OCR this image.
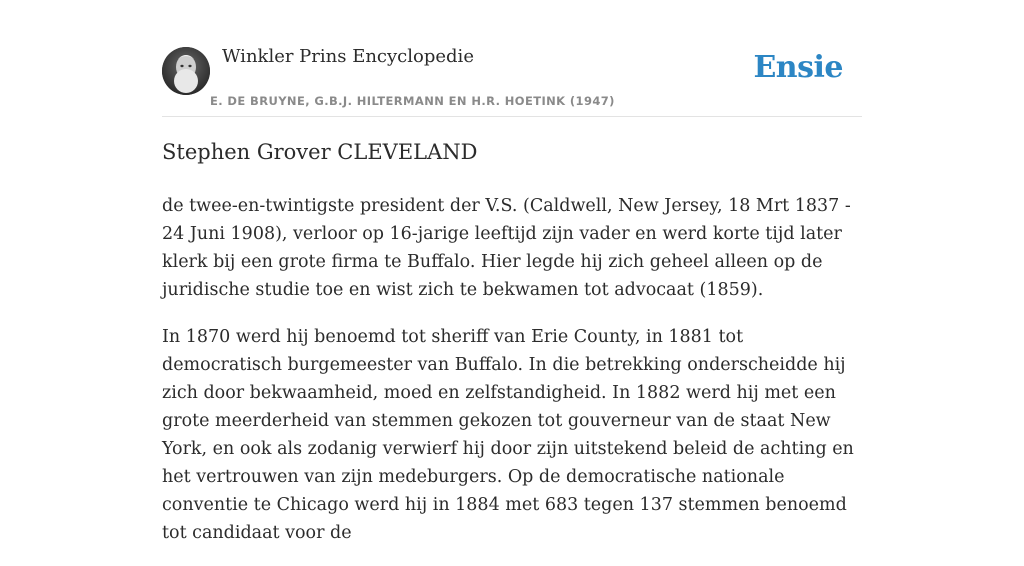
Winkler Prins Encyclopedie
E. DE BRUYNE, G.B.J. HILTERMANN EN H.R. HOETINK (1947)
Ensie
Stephen Grover CLEVELAND

de twee-en-twintigste president der V.S. (Caldwell, New Jersey, 18 Mrt 1837 - 24 Juni 1908), verloor op 16-jarige leeftijd zijn vader en werd korte tijd later klerk bij een grote firma te Buffalo. Hier legde hij zich geheel alleen op de juridische studie toe en wist zich te bekwamen tot advocaat (1859).

In 1870 werd hij benoemd tot sheriff van Erie County, in 1881 tot democratisch burgemeester van Buffalo. In die betrekking onderscheidde hij zich door bekwaamheid, moed en zelfstandigheid. In 1882 werd hij met een grote meerderheid van stemmen gekozen tot gouverneur van de staat New York, en ook als zodanig verwierf hij door zijn uitstekend beleid de achting en het vertrouwen van zijn medeburgers. Op de democratische nationale conventie te Chicago werd hij in 1884 met 683 tegen 137 stemmen benoemd tot candidaat voor de
